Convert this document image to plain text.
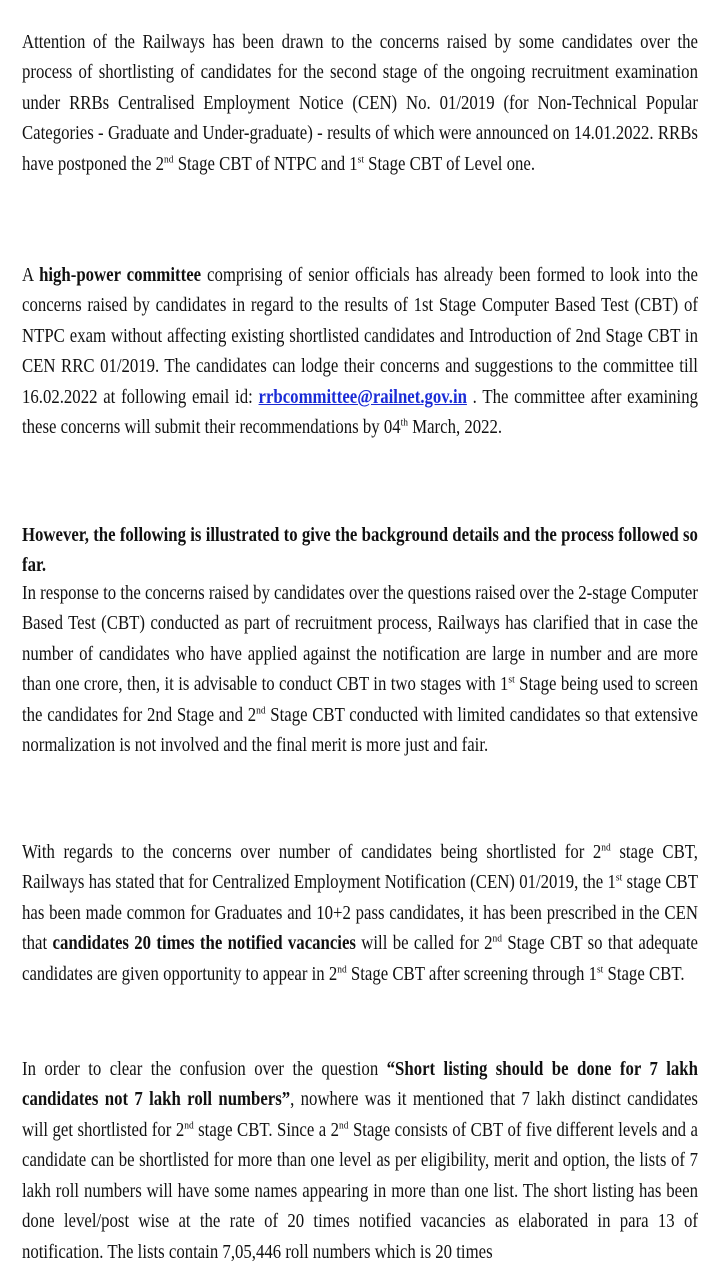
Attention of the Railways has been drawn to the concerns raised by some candidates over the process of shortlisting of candidates for the second stage of the ongoing recruitment examination under RRBs Centralised Employment Notice (CEN) No. 01/2019 (for Non-Technical Popular Categories - Graduate and Under-graduate) - results of which were announced on 14.01.2022. RRBs have postponed the 2nd Stage CBT of NTPC and 1st Stage CBT of Level one.

A high-power committee comprising of senior officials has already been formed to look into the concerns raised by candidates in regard to the results of 1st Stage Computer Based Test (CBT) of NTPC exam without affecting existing shortlisted candidates and Introduction of 2nd Stage CBT in CEN RRC 01/2019. The candidates can lodge their concerns and suggestions to the committee till 16.02.2022 at following email id: rrbcommittee@railnet.gov.in . The committee after examining these concerns will submit their recommendations by 04th March, 2022.

However, the following is illustrated to give the background details and the process followed so far.

In response to the concerns raised by candidates over the questions raised over the 2-stage Computer Based Test (CBT) conducted as part of recruitment process, Railways has clarified that in case the number of candidates who have applied against the notification are large in number and are more than one crore, then, it is advisable to conduct CBT in two stages with 1st Stage being used to screen the candidates for 2nd Stage and 2nd Stage CBT conducted with limited candidates so that extensive normalization is not involved and the final merit is more just and fair.

With regards to the concerns over number of candidates being shortlisted for 2nd stage CBT, Railways has stated that for Centralized Employment Notification (CEN) 01/2019, the 1st stage CBT has been made common for Graduates and 10+2 pass candidates, it has been prescribed in the CEN that candidates 20 times the notified vacancies will be called for 2nd Stage CBT so that adequate candidates are given opportunity to appear in 2nd Stage CBT after screening through 1st Stage CBT.

In order to clear the confusion over the question “Short listing should be done for 7 lakh candidates not 7 lakh roll numbers”, nowhere was it mentioned that 7 lakh distinct candidates will get shortlisted for 2nd stage CBT. Since a 2nd Stage consists of CBT of five different levels and a candidate can be shortlisted for more than one level as per eligibility, merit and option, the lists of 7 lakh roll numbers will have some names appearing in more than one list. The short listing has been done level/post wise at the rate of 20 times notified vacancies as elaborated in para 13 of notification. The lists contain 7,05,446 roll numbers which is 20 times
